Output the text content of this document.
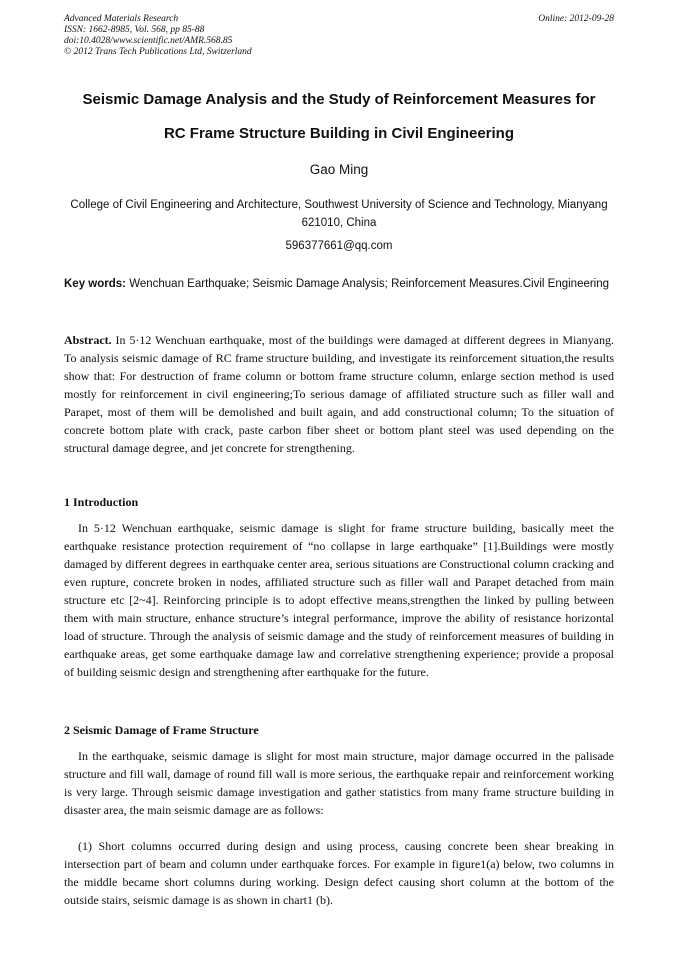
Advanced Materials Research
ISSN: 1662-8985, Vol. 568, pp 85-88
doi:10.4028/www.scientific.net/AMR.568.85
© 2012 Trans Tech Publications Ltd, Switzerland
Online: 2012-09-28
Seismic Damage Analysis and the Study of Reinforcement Measures for
RC Frame Structure Building in Civil Engineering
Gao Ming
College of Civil Engineering and Architecture, Southwest University of Science and Technology, Mianyang 621010, China
596377661@qq.com
Key words: Wenchuan Earthquake; Seismic Damage Analysis; Reinforcement Measures.Civil Engineering
Abstract. In 5·12 Wenchuan earthquake, most of the buildings were damaged at different degrees in Mianyang. To analysis seismic damage of RC frame structure building, and investigate its reinforcement situation,the results show that: For destruction of frame column or bottom frame structure column, enlarge section method is used mostly for reinforcement in civil engineering;To serious damage of affiliated structure such as filler wall and Parapet, most of them will be demolished and built again, and add constructional column; To the situation of concrete bottom plate with crack, paste carbon fiber sheet or bottom plant steel was used depending on the structural damage degree, and jet concrete for strengthening.
1 Introduction
In 5·12 Wenchuan earthquake, seismic damage is slight for frame structure building, basically meet the earthquake resistance protection requirement of “no collapse in large earthquake” [1].Buildings were mostly damaged by different degrees in earthquake center area, serious situations are Constructional column cracking and even rupture, concrete broken in nodes, affiliated structure such as filler wall and Parapet detached from main structure etc [2~4]. Reinforcing principle is to adopt effective means,strengthen the linked by pulling between them with main structure, enhance structure’s integral performance, improve the ability of resistance horizontal load of structure. Through the analysis of seismic damage and the study of reinforcement measures of building in earthquake areas, get some earthquake damage law and correlative strengthening experience; provide a proposal of building seismic design and strengthening after earthquake for the future.
2 Seismic Damage of Frame Structure
In the earthquake, seismic damage is slight for most main structure, major damage occurred in the palisade structure and fill wall, damage of round fill wall is more serious, the earthquake repair and reinforcement working is very large. Through seismic damage investigation and gather statistics from many frame structure building in disaster area, the main seismic damage are as follows:
(1) Short columns occurred during design and using process, causing concrete been shear breaking in intersection part of beam and column under earthquake forces. For example in figure1(a) below, two columns in the middle became short columns during working. Design defect causing short column at the bottom of the outside stairs, seismic damage is as shown in chart1 (b).
